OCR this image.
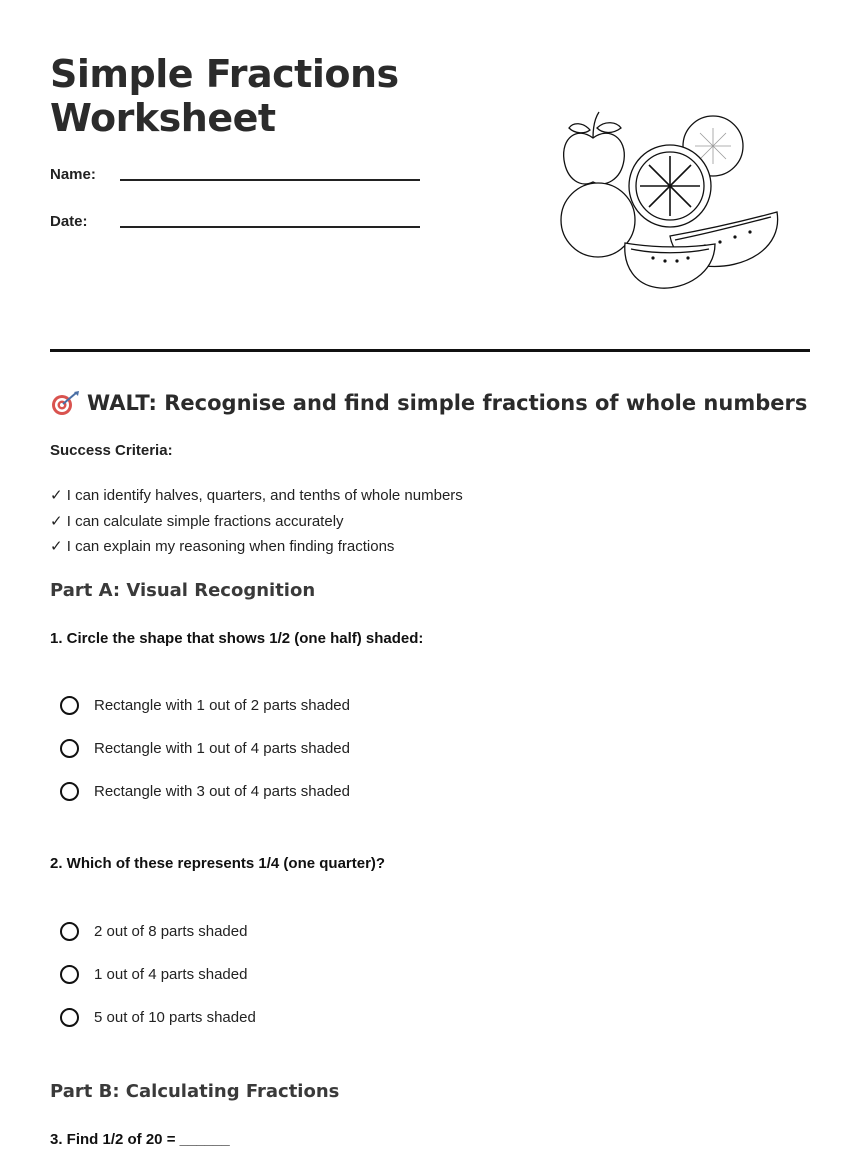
Simple Fractions
Worksheet
Name:
Date:
WALT: Recognise and find simple fractions of whole numbers
Success Criteria:
✓ I can identify halves, quarters, and tenths of whole numbers
✓ I can calculate simple fractions accurately
✓ I can explain my reasoning when finding fractions
Part A: Visual Recognition

1. Circle the shape that shows 1/2 (one half) shaded:

Rectangle with 1 out of 2 parts shaded
Rectangle with 1 out of 4 parts shaded
Rectangle with 3 out of 4 parts shaded

2. Which of these represents 1/4 (one quarter)?

2 out of 8 parts shaded
1 out of 4 parts shaded
5 out of 10 parts shaded
Part B: Calculating Fractions

3. Find 1/2 of 20 = ______
